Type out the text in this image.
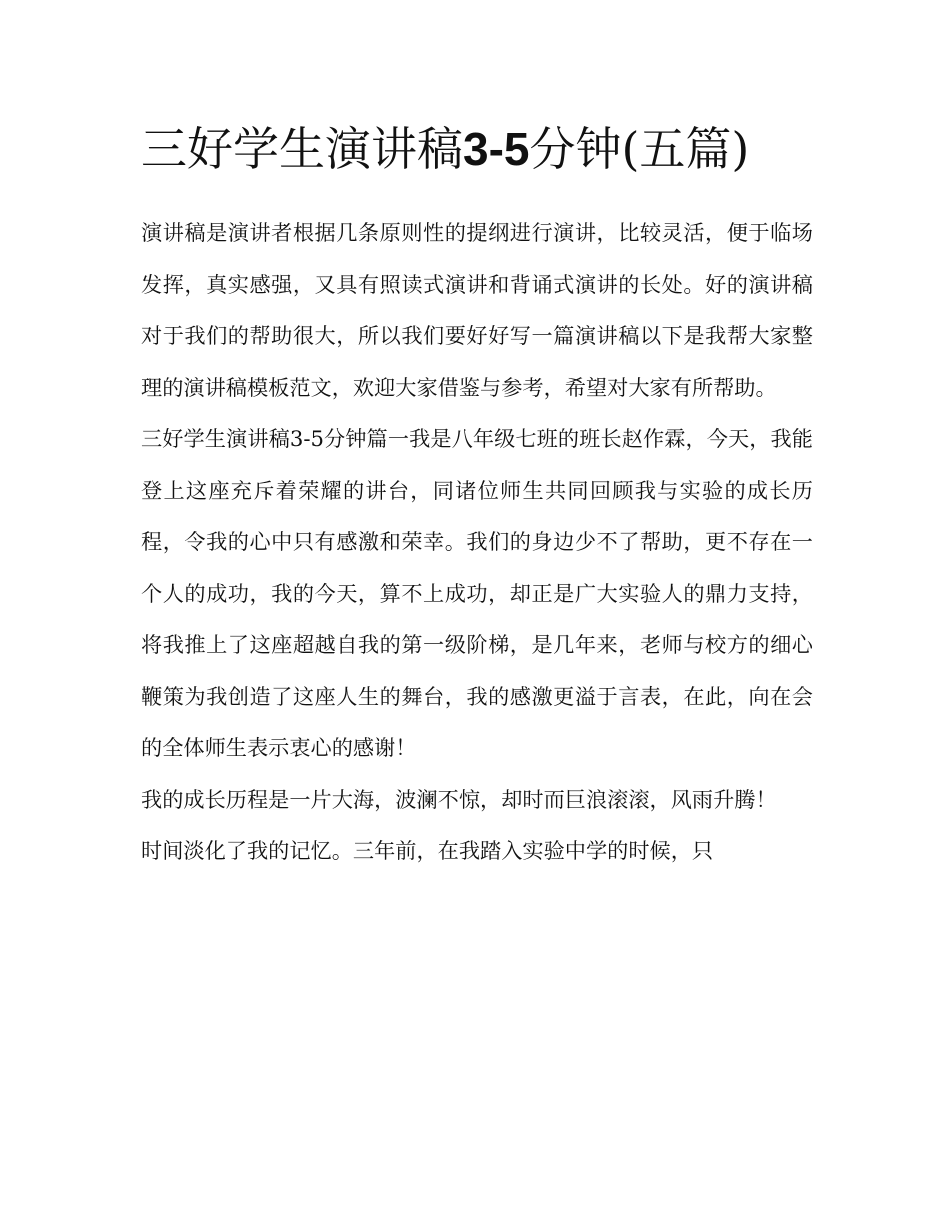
三好学生演讲稿3-5分钟(五篇)

演讲稿是演讲者根据几条原则性的提纲进行演讲，比较灵活，便于临场发挥，真实感强，又具有照读式演讲和背诵式演讲的长处。好的演讲稿对于我们的帮助很大，所以我们要好好写一篇演讲稿以下是我帮大家整理的演讲稿模板范文，欢迎大家借鉴与参考，希望对大家有所帮助。

三好学生演讲稿3-5分钟篇一我是八年级七班的班长赵作霖，今天，我能登上这座充斥着荣耀的讲台，同诸位师生共同回顾我与实验的成长历程，令我的心中只有感激和荣幸。我们的身边少不了帮助，更不存在一个人的成功，我的今天，算不上成功，却正是广大实验人的鼎力支持，将我推上了这座超越自我的第一级阶梯，是几年来，老师与校方的细心鞭策为我创造了这座人生的舞台，我的感激更溢于言表，在此，向在会的全体师生表示衷心的感谢！

我的成长历程是一片大海，波澜不惊，却时而巨浪滚滚，风雨升腾！

时间淡化了我的记忆。三年前，在我踏入实验中学的时候，只
